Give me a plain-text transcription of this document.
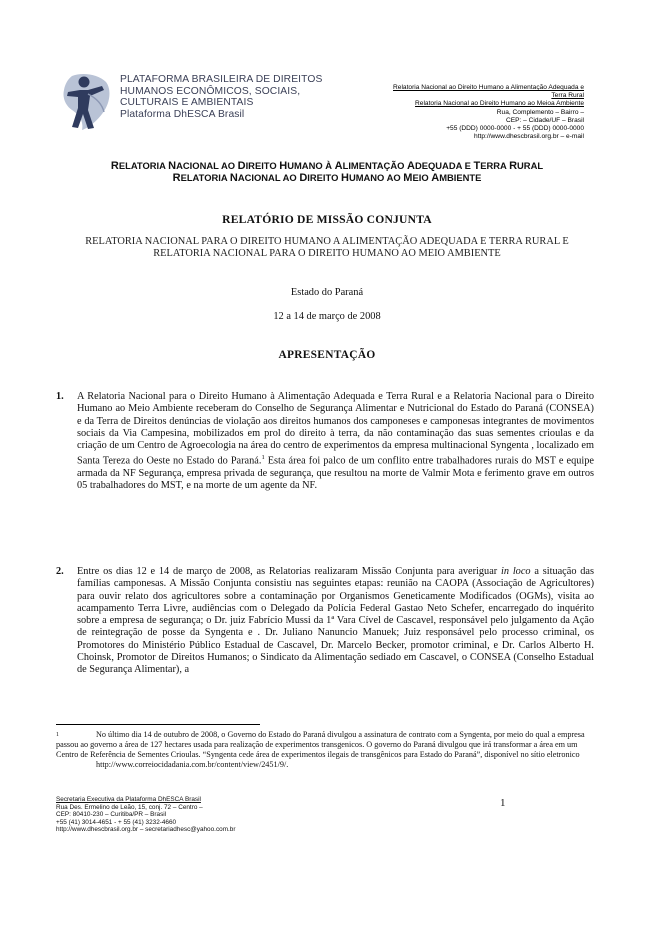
PLATAFORMA BRASILEIRA DE DIREITOS
HUMANOS ECONÔMICOS, SOCIAIS,
CULTURAIS E AMBIENTAIS
Plataforma DhESCA Brasil
Relatoria Nacional ao Direito Humano a Alimentação Adequada e
Terra Rural
Relatoria Nacional ao Direito Humano ao Meioa Ambiente
Rua, Complemento – Bairro –
CEP: – Cidade/UF – Brasil
+55 (DDD) 0000-0000 - + 55 (DDD) 0000-0000
http://www.dhescbrasil.org.br – e-mail
RELATORIA NACIONAL AO DIREITO HUMANO À ALIMENTAÇÃO ADEQUADA E TERRA RURAL
RELATORIA NACIONAL AO DIREITO HUMANO AO MEIO AMBIENTE
RELATÓRIO DE MISSÃO CONJUNTA
RELATORIA NACIONAL PARA O DIREITO HUMANO A ALIMENTAÇÃO ADEQUADA E TERRA RURAL E RELATORIA NACIONAL PARA O DIREITO HUMANO AO MEIO AMBIENTE
Estado do Paraná
12 a 14 de março de 2008
APRESENTAÇÃO
1. A Relatoria Nacional para o Direito Humano à Alimentação Adequada e Terra Rural e a Relatoria Nacional para o Direito Humano ao Meio Ambiente receberam do Conselho de Segurança Alimentar e Nutricional do Estado do Paraná (CONSEA) e da Terra de Direitos denúncias de violação aos direitos humanos dos camponeses e camponesas integrantes de movimentos sociais da Via Campesina, mobilizados em prol do direito à terra, da não contaminação das suas sementes crioulas e da criação de um Centro de Agroecologia na área do centro de experimentos da empresa multinacional Syngenta , localizado em Santa Tereza do Oeste no Estado do Paraná.$^1$ Esta área foi palco de um conflito entre trabalhadores rurais do MST e equipe armada da NF Segurança, empresa privada de segurança, que resultou na morte de Valmir Mota e ferimento grave em outros 05 trabalhadores do MST, e na morte de um agente da NF.
2. Entre os dias 12 e 14 de março de 2008, as Relatorias realizaram Missão Conjunta para averiguar in loco a situação das famílias camponesas. A Missão Conjunta consistiu nas seguintes etapas: reunião na CAOPA (Associação de Agricultores) para ouvir relato dos agricultores sobre a contaminação por Organismos Geneticamente Modificados (OGMs), visita ao acampamento Terra Livre, audiências com o Delegado da Polícia Federal Gastao Neto Schefer, encarregado do inquérito sobre a empresa de segurança; o Dr. juiz Fabrício Mussi da 1ª Vara Cível de Cascavel, responsável pelo julgamento da Ação de reintegração de posse da Syngenta e . Dr. Juliano Nanuncio Manuek; Juiz responsável pelo processo criminal, os Promotores do Ministério Público Estadual de Cascavel, Dr. Marcelo Becker, promotor criminal, e Dr. Carlos Alberto H. Choinsk, Promotor de Direitos Humanos; o Sindicato da Alimentação sediado em Cascavel, o CONSEA (Conselho Estadual de Segurança Alimentar), a
1	No último dia 14 de outubro de 2008, o Governo do Estado do Paraná divulgou a assinatura de contrato com a Syngenta, por meio do qual a empresa passou ao governo a área de 127 hectares usada para realização de experimentos transgenicos. O governo do Paraná divulgou que irá transformar a área em um Centro de Referência de Sementes Crioulas. “Syngenta cede área de experimentos ilegais de transgênicos para Estado do Paraná”, disponível no sítio eletronico
http://www.correiocidadania.com.br/content/view/2451/9/.
Secretaria Executiva da Plataforma DhESCA Brasil
Rua Des. Ermelino de Leão, 15, conj. 72 – Centro –
CEP: 80410-230 – Curitiba/PR – Brasil
+55 (41) 3014-4651 - + 55 (41) 3232-4660
http://www.dhescbrasil.org.br – secretariadhesc@yahoo.com.br
1
